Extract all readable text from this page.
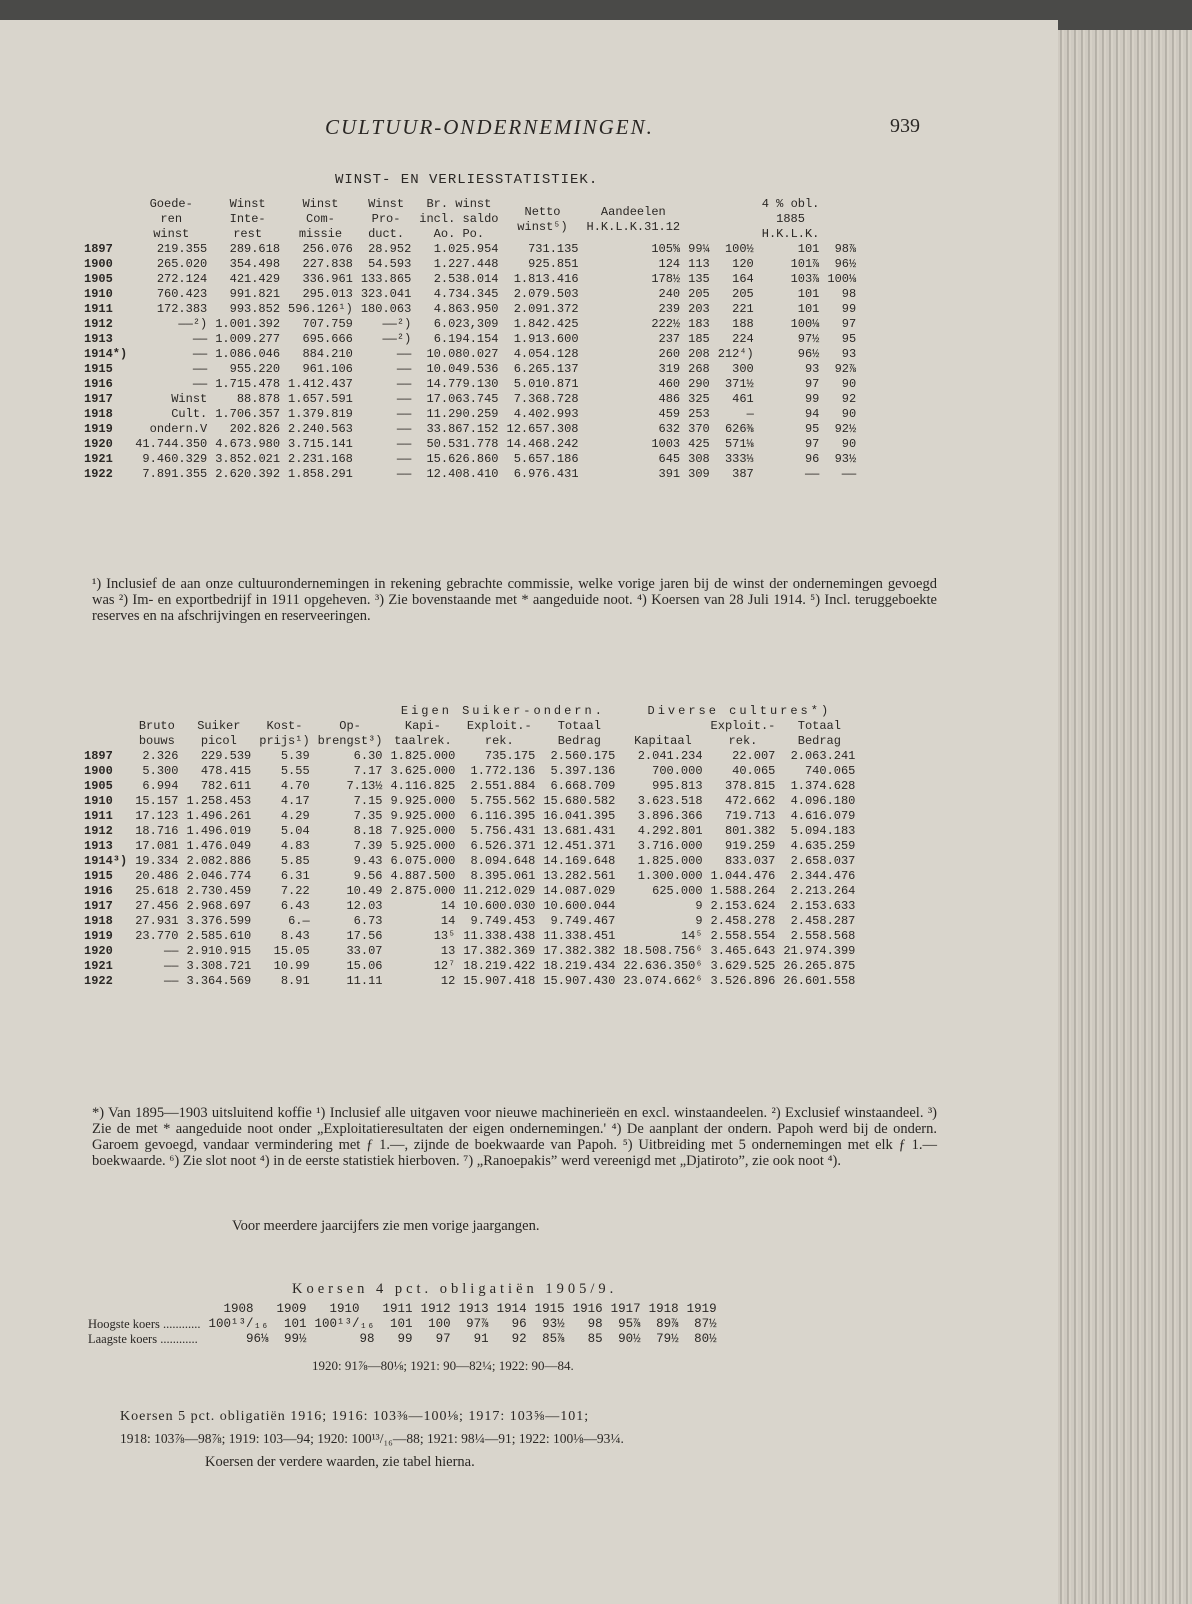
CULTUUR-ONDERNEMINGEN.	939
WINST- EN VERLIESSTATISTIEK.
	Goede-
ren
winst	Winst
Inte-
rest	Winst
Com-
missie	Winst
Pro-
duct.	Br. winst
incl. saldo
Ao. Po.	Netto
winst⁵)	Aandeelen
H.K.L.K.31.12			4 % obl.
1885
H.K.L.K.	
1897	219.355	289.618	256.076	28.952	1.025.954	731.135	105⅝	99¼	100½	101	98⅞
1900	265.020	354.498	227.838	54.593	1.227.448	925.851	124	113	120	101⅞	96½
1905	272.124	421.429	336.961	133.865	2.538.014	1.813.416	178½	135	164	103⅞	100⅛
1910	760.423	991.821	295.013	323.041	4.734.345	2.079.503	240	205	205	101	98
1911	172.383	993.852	596.126¹)	180.063	4.863.950	2.091.372	239	203	221	101	99
1912	——²)	1.001.392	707.759	——²)	6.023,309	1.842.425	222½	183	188	100⅛	97
1913	——	1.009.277	695.666	——²)	6.194.154	1.913.600	237	185	224	97½	95
1914*)	——	1.086.046	884.210	——	10.080.027	4.054.128	260	208	212⁴)	96½	93
1915	——	955.220	961.106	——	10.049.536	6.265.137	319	268	300	93	92⅞
1916	——	1.715.478	1.412.437	——	14.779.130	5.010.871	460	290	371½	97	90
1917	Winst	88.878	1.657.591	——	17.063.745	7.368.728	486	325	461	99	92
1918	Cult.	1.706.357	1.379.819	——	11.290.259	4.402.993	459	253	—	94	90
1919	ondern.V	202.826	2.240.563	——	33.867.152	12.657.308	632	370	626⅜	95	92½
1920	41.744.350	4.673.980	3.715.141	——	50.531.778	14.468.242	1003	425	571⅛	97	90
1921	9.460.329	3.852.021	2.231.168	——	15.626.860	5.657.186	645	308	333⅓	96	93½
1922	7.891.355	2.620.392	1.858.291	——	12.408.410	6.976.431	391	309	387	——	——
¹) Inclusief de aan onze cultuurondernemingen in rekening gebrachte commissie, welke vorige jaren bij de winst der ondernemingen gevoegd was ²) Im- en exportbedrijf in 1911 opgeheven. ³) Zie bovenstaande met * aangeduide noot. ⁴) Koersen van 28 Juli 1914. ⁵) Incl. teruggeboekte reserves en na afschrijvingen en reserveeringen.
					Eigen Suiker-ondern.			Diverse cultures*)		
	Bruto
bouws	Suiker
picol	Kost-
prijs¹)	Op-
brengst³)	Kapi-
taalrek.	Exploit.-
rek.	Totaal
Bedrag	Kapitaal	Exploit.-
rek.	Totaal
Bedrag
1897	2.326	229.539	5.39	6.30	1.825.000	735.175	2.560.175	2.041.234	22.007	2.063.241
1900	5.300	478.415	5.55	7.17	3.625.000	1.772.136	5.397.136	700.000	40.065	740.065
1905	6.994	782.611	4.70	7.13½	4.116.825	2.551.884	6.668.709	995.813	378.815	1.374.628
1910	15.157	1.258.453	4.17	7.15	9.925.000	5.755.562	15.680.582	3.623.518	472.662	4.096.180
1911	17.123	1.496.261	4.29	7.35	9.925.000	6.116.395	16.041.395	3.896.366	719.713	4.616.079
1912	18.716	1.496.019	5.04	8.18	7.925.000	5.756.431	13.681.431	4.292.801	801.382	5.094.183
1913	17.081	1.476.049	4.83	7.39	5.925.000	6.526.371	12.451.371	3.716.000	919.259	4.635.259
1914³)	19.334	2.082.886	5.85	9.43	6.075.000	8.094.648	14.169.648	1.825.000	833.037	2.658.037
1915	20.486	2.046.774	6.31	9.56	4.887.500	8.395.061	13.282.561	1.300.000	1.044.476	2.344.476
1916	25.618	2.730.459	7.22	10.49	2.875.000	11.212.029	14.087.029	625.000	1.588.264	2.213.264
1917	27.456	2.968.697	6.43	12.03	14	10.600.030	10.600.044	9	2.153.624	2.153.633
1918	27.931	3.376.599	6.—	6.73	14	9.749.453	9.749.467	9	2.458.278	2.458.287
1919	23.770	2.585.610	8.43	17.56	13⁵	11.338.438	11.338.451	14⁵	2.558.554	2.558.568
1920	——	2.910.915	15.05	33.07	13	17.382.369	17.382.382	18.508.756⁶	3.465.643	21.974.399
1921	——	3.308.721	10.99	15.06	12⁷	18.219.422	18.219.434	22.636.350⁶	3.629.525	26.265.875
1922	——	3.364.569	8.91	11.11	12	15.907.418	15.907.430	23.074.662⁶	3.526.896	26.601.558
*) Van 1895—1903 uitsluitend koffie ¹) Inclusief alle uitgaven voor nieuwe machinerieën en excl. winstaandeelen. ²) Exclusief winstaandeel. ³) Zie de met * aangeduide noot onder „Exploitatieresultaten der eigen ondernemingen.' ⁴) De aanplant der ondern. Papoh werd bij de ondern. Garoem gevoegd, vandaar vermindering met ƒ 1.—, zijnde de boekwaarde van Papoh. ⁵) Uitbreiding met 5 ondernemingen met elk ƒ 1.— boekwaarde. ⁶) Zie slot noot ⁴) in de eerste statistiek hierboven. ⁷) „Ranoepakis” werd vereenigd met „Djatiroto”, zie ook noot ⁴).
Voor meerdere jaarcijfers zie men vorige jaargangen.
Koersen 4 pct. obligatiën 1905/9.
	1908	1909	1910	1911	1912	1913	1914	1915	1916	1917	1918	1919
Hoogste koers ............	100¹³/₁₆	101	100¹³/₁₆	101	100	97⅞	96	93½	98	95⅞	89⅞	87½
Laagste koers ............	96⅛	99½	98	99	97	91	92	85⅞	85	90½	79½	80½
1920: 91⅞—80⅛; 1921: 90—82¼; 1922: 90—84.
Koersen 5 pct. obligatiën 1916; 1916: 103⅜—100⅛; 1917: 103⅝—101;
1918: 103⅞—98⅞; 1919: 103—94; 1920: 100¹³/₁₆—88; 1921: 98¼—91; 1922: 100⅛—93¼.
Koersen der verdere waarden, zie tabel hierna.
